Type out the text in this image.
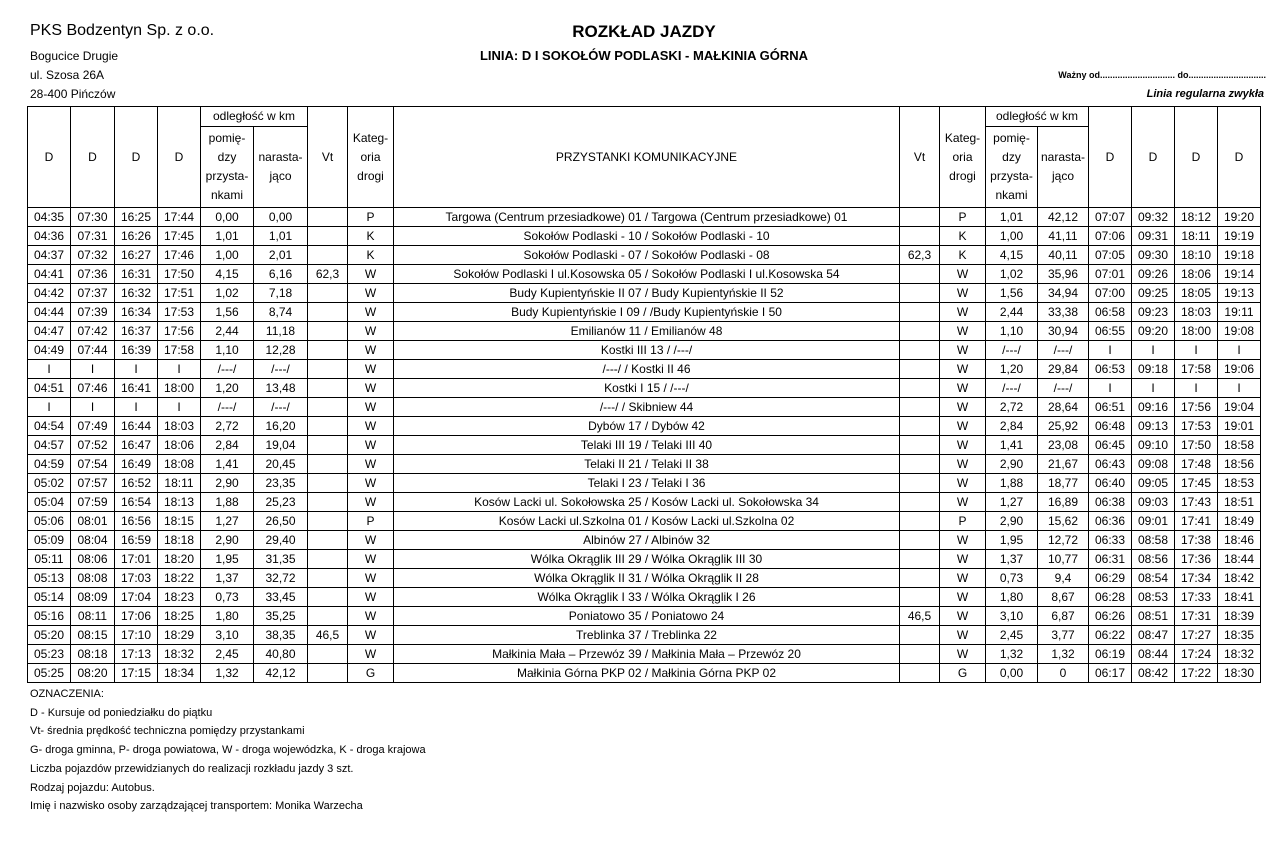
PKS Bodzentyn Sp. z o.o.
Bogucice Drugie
ul. Szosa 26A
28-400 Pińczów
ROZKŁAD JAZDY
LINIA: D I SOKOŁÓW PODLASKI - MAŁKINIA GÓRNA
Ważny od.............................. do...............................
Linia regularna zwykła
D	D	D	D	odległość w km		Vt	Kateg-oria drogi	PRZYSTANKI KOMUNIKACYJNE	Vt	Kateg-oria drogi	odległość w km		D	D	D	D
				pomię-dzy przysta-nkami	narasta-jąco						pomię-dzy przysta-nkami	narasta-jąco				
04:35	07:30	16:25	17:44	0,00	0,00		P	Targowa (Centrum przesiadkowe) 01 / Targowa (Centrum przesiadkowe) 01		P	1,01	42,12	07:07	09:32	18:12	19:20
04:36	07:31	16:26	17:45	1,01	1,01		K	Sokołów Podlaski - 10 / Sokołów Podlaski - 10		K	1,00	41,11	07:06	09:31	18:11	19:19
04:37	07:32	16:27	17:46	1,00	2,01		K	Sokołów Podlaski - 07 / Sokołów Podlaski - 08	62,3	K	4,15	40,11	07:05	09:30	18:10	19:18
04:41	07:36	16:31	17:50	4,15	6,16	62,3	W	Sokołów Podlaski I ul.Kosowska 05 / Sokołów Podlaski I ul.Kosowska 54		W	1,02	35,96	07:01	09:26	18:06	19:14
04:42	07:37	16:32	17:51	1,02	7,18		W	Budy Kupientyńskie II 07 / Budy Kupientyńskie II 52		W	1,56	34,94	07:00	09:25	18:05	19:13
04:44	07:39	16:34	17:53	1,56	8,74		W	Budy Kupientyńskie I 09 / /Budy Kupientyńskie I 50		W	2,44	33,38	06:58	09:23	18:03	19:11
04:47	07:42	16:37	17:56	2,44	11,18		W	Emilianów 11 / Emilianów 48		W	1,10	30,94	06:55	09:20	18:00	19:08
04:49	07:44	16:39	17:58	1,10	12,28		W	Kostki III 13 / /---/		W	/---/	/---/	I	I	I	I
I	I	I	I	/---/	/---/		W	/---/ / Kostki II 46		W	1,20	29,84	06:53	09:18	17:58	19:06
04:51	07:46	16:41	18:00	1,20	13,48		W	Kostki I 15 / /---/		W	/---/	/---/	I	I	I	I
I	I	I	I	/---/	/---/		W	/---/ / Skibniew 44		W	2,72	28,64	06:51	09:16	17:56	19:04
04:54	07:49	16:44	18:03	2,72	16,20		W	Dybów 17 / Dybów 42		W	2,84	25,92	06:48	09:13	17:53	19:01
04:57	07:52	16:47	18:06	2,84	19,04		W	Telaki III 19 / Telaki III 40		W	1,41	23,08	06:45	09:10	17:50	18:58
04:59	07:54	16:49	18:08	1,41	20,45		W	Telaki II 21 / Telaki II 38		W	2,90	21,67	06:43	09:08	17:48	18:56
05:02	07:57	16:52	18:11	2,90	23,35		W	Telaki I 23 / Telaki I 36		W	1,88	18,77	06:40	09:05	17:45	18:53
05:04	07:59	16:54	18:13	1,88	25,23		W	Kosów Lacki ul. Sokołowska 25 / Kosów Lacki ul. Sokołowska 34		W	1,27	16,89	06:38	09:03	17:43	18:51
05:06	08:01	16:56	18:15	1,27	26,50		P	Kosów Lacki ul.Szkolna 01 / Kosów Lacki ul.Szkolna 02		P	2,90	15,62	06:36	09:01	17:41	18:49
05:09	08:04	16:59	18:18	2,90	29,40		W	Albinów 27 / Albinów 32		W	1,95	12,72	06:33	08:58	17:38	18:46
05:11	08:06	17:01	18:20	1,95	31,35		W	Wólka Okrąglik III 29 / Wólka Okrąglik III 30		W	1,37	10,77	06:31	08:56	17:36	18:44
05:13	08:08	17:03	18:22	1,37	32,72		W	Wólka Okrąglik II 31 / Wólka Okrąglik II 28		W	0,73	9,4	06:29	08:54	17:34	18:42
05:14	08:09	17:04	18:23	0,73	33,45		W	Wólka Okrąglik I 33 / Wólka Okrąglik I 26		W	1,80	8,67	06:28	08:53	17:33	18:41
05:16	08:11	17:06	18:25	1,80	35,25		W	Poniatowo 35 / Poniatowo 24	46,5	W	3,10	6,87	06:26	08:51	17:31	18:39
05:20	08:15	17:10	18:29	3,10	38,35	46,5	W	Treblinka 37 / Treblinka 22		W	2,45	3,77	06:22	08:47	17:27	18:35
05:23	08:18	17:13	18:32	2,45	40,80		W	Małkinia Mała – Przewóz 39 / Małkinia Mała – Przewóz 20		W	1,32	1,32	06:19	08:44	17:24	18:32
05:25	08:20	17:15	18:34	1,32	42,12		G	Małkinia Górna PKP 02 / Małkinia Górna PKP 02		G	0,00	0	06:17	08:42	17:22	18:30
OZNACZENIA:
D - Kursuje od poniedziałku do piątku
Vt- średnia prędkość techniczna pomiędzy przystankami
G- droga gminna, P- droga powiatowa, W - droga wojewódzka, K - droga krajowa
Liczba pojazdów przewidzianych do realizacji rozkładu jazdy 3 szt.
Rodzaj pojazdu: Autobus.
Imię i nazwisko osoby zarządzającej transportem: Monika Warzecha
